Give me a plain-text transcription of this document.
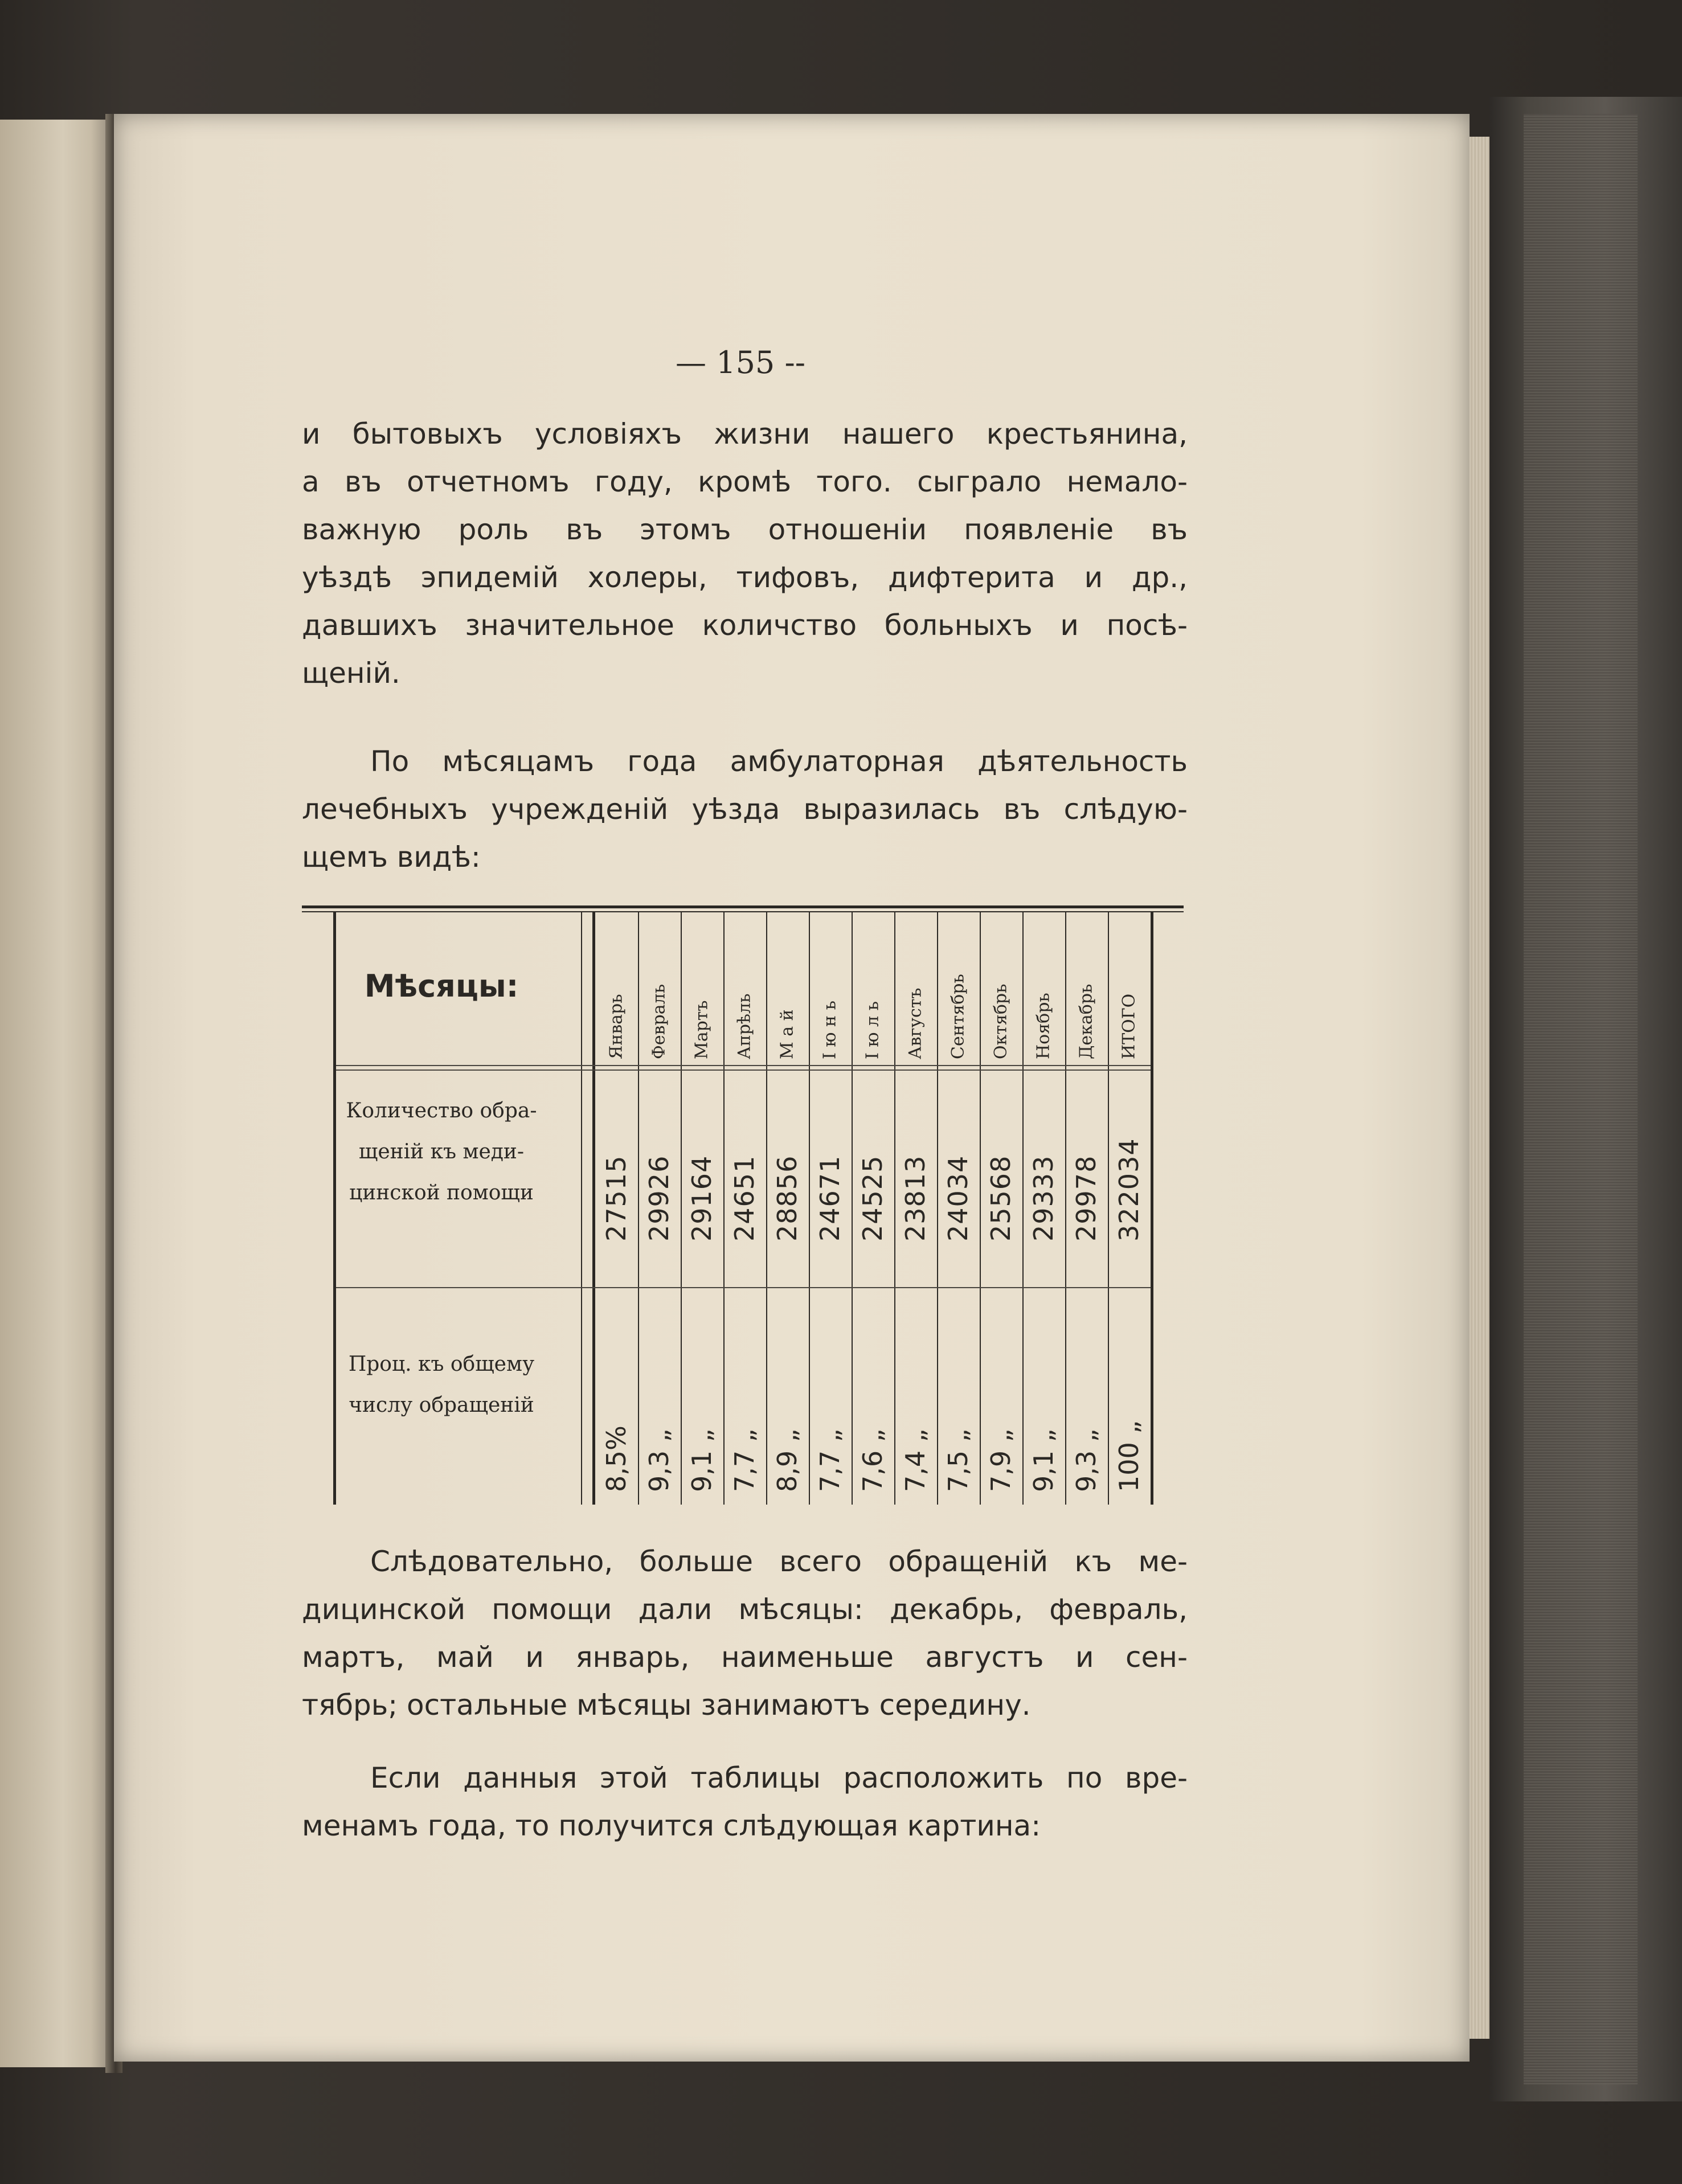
— 155 --
и бытовыхъ условіяхъ жизни нашего крестьянина,
а въ отчетномъ году, кромѣ того. сыграло немало-
важную роль въ этомъ отношеніи появленіе въ
уѣздѣ эпидемій холеры, тифовъ, дифтерита и др.,
давшихъ значительное количство больныхъ и посѣ-
щеній.
По мѣсяцамъ года амбулаторная дѣятельность
лечебныхъ учрежденій уѣзда выразилась въ слѣдую-
щемъ видѣ:
Мѣсяцы:
Количество обра-
щеній къ меди-
цинской помощи
Проц. къ общему
числу обращеній
Январь
27515
8,5%
Февраль
29926
9,3 „
Мартъ
29164
9,1 „
Апрѣль
24651
7,7 „
М а й
28856
8,9 „
І ю н ь
24671
7,7 „
І ю л ь
24525
7,6 „
Августъ
23813
7,4 „
Сентябрь
24034
7,5 „
Октябрь
25568
7,9 „
Ноябрь
29333
9,1 „
Декабрь
29978
9,3 „
ИТОГО
322034
100 „
Слѣдовательно, больше всего обращеній къ ме-
дицинской помощи дали мѣсяцы: декабрь, февраль,
мартъ, май и январь, наименьше августъ и сен-
тябрь; остальные мѣсяцы занимаютъ середину.
Если данныя этой таблицы расположить по вре-
менамъ года, то получится слѣдующая картина:
